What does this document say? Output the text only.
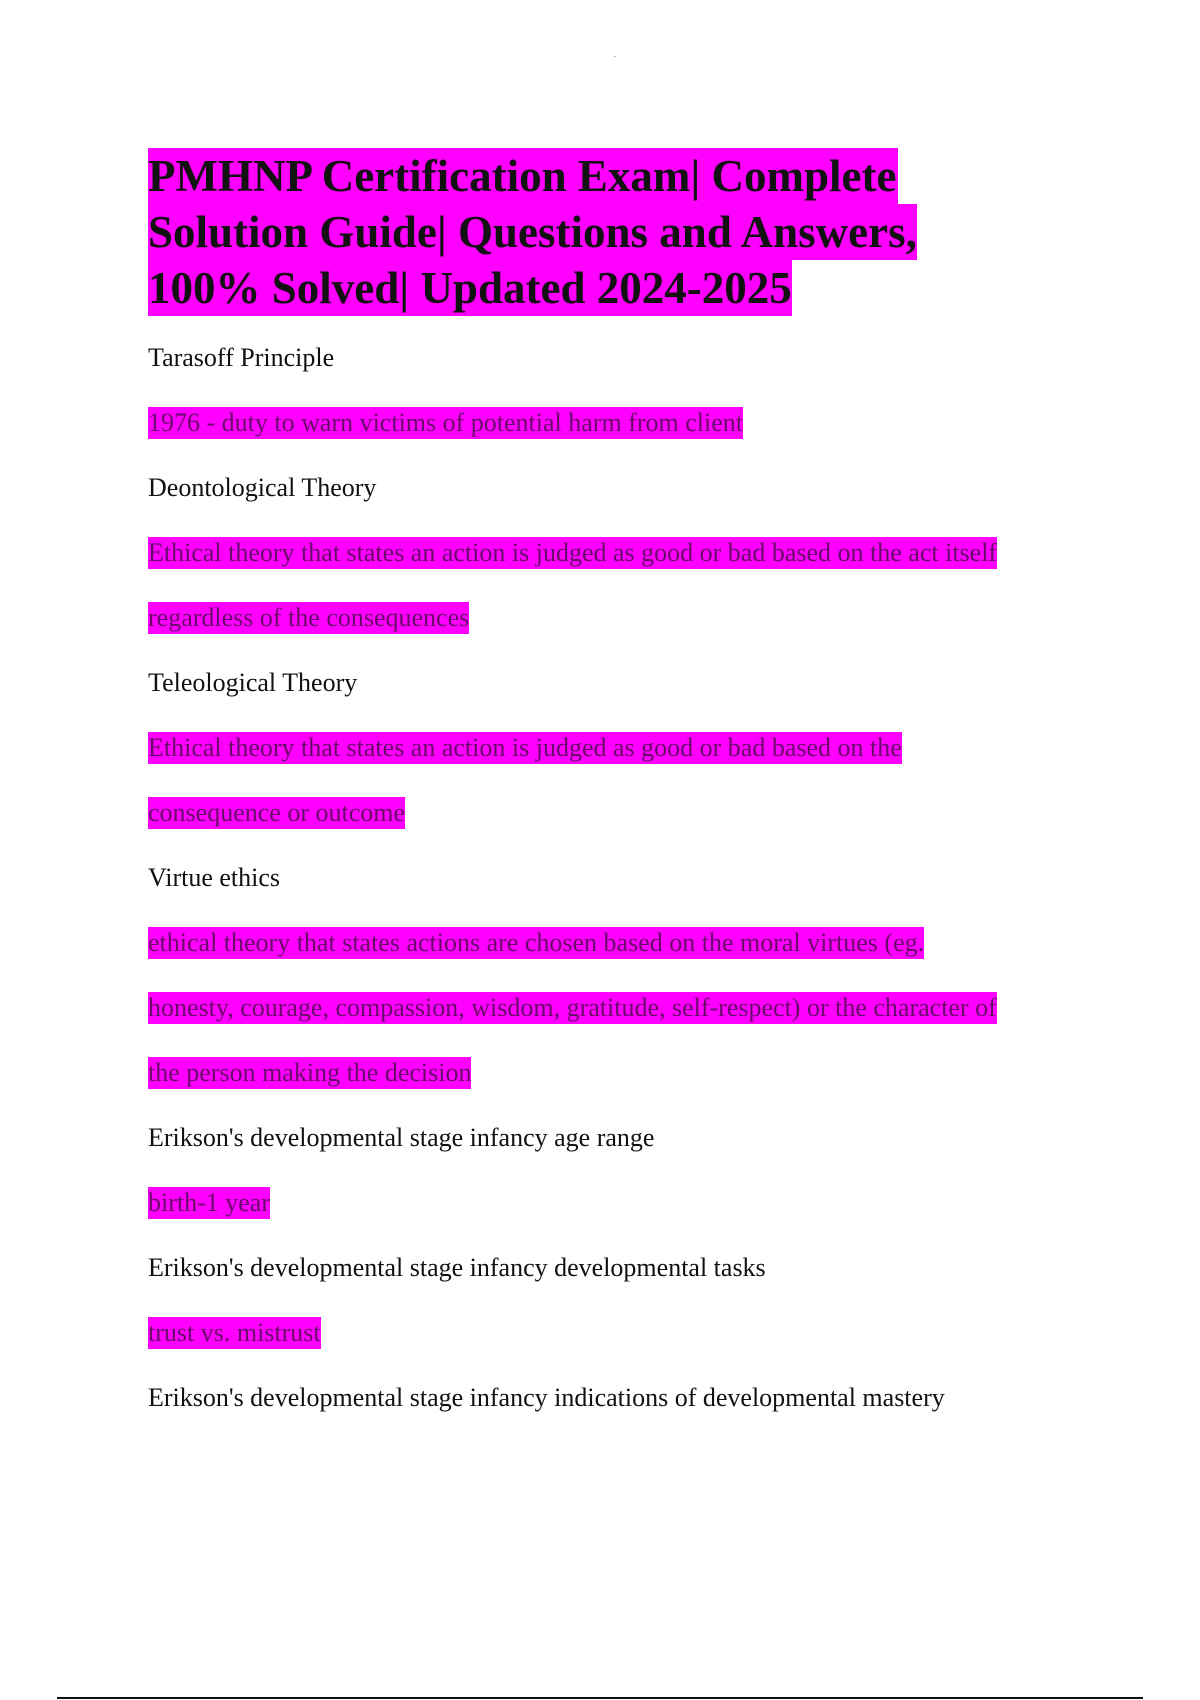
PMHNP Certification Exam| Complete
Solution Guide| Questions and Answers,
100% Solved| Updated 2024-2025

Tarasoff Principle

1976 - duty to warn victims of potential harm from client

Deontological Theory

Ethical theory that states an action is judged as good or bad based on the act itself

regardless of the consequences

Teleological Theory

Ethical theory that states an action is judged as good or bad based on the

consequence or outcome

Virtue ethics

ethical theory that states actions are chosen based on the moral virtues (eg.

honesty, courage, compassion, wisdom, gratitude, self-respect) or the character of

the person making the decision

Erikson's developmental stage infancy age range

birth-1 year

Erikson's developmental stage infancy developmental tasks

trust vs. mistrust

Erikson's developmental stage infancy indications of developmental mastery
